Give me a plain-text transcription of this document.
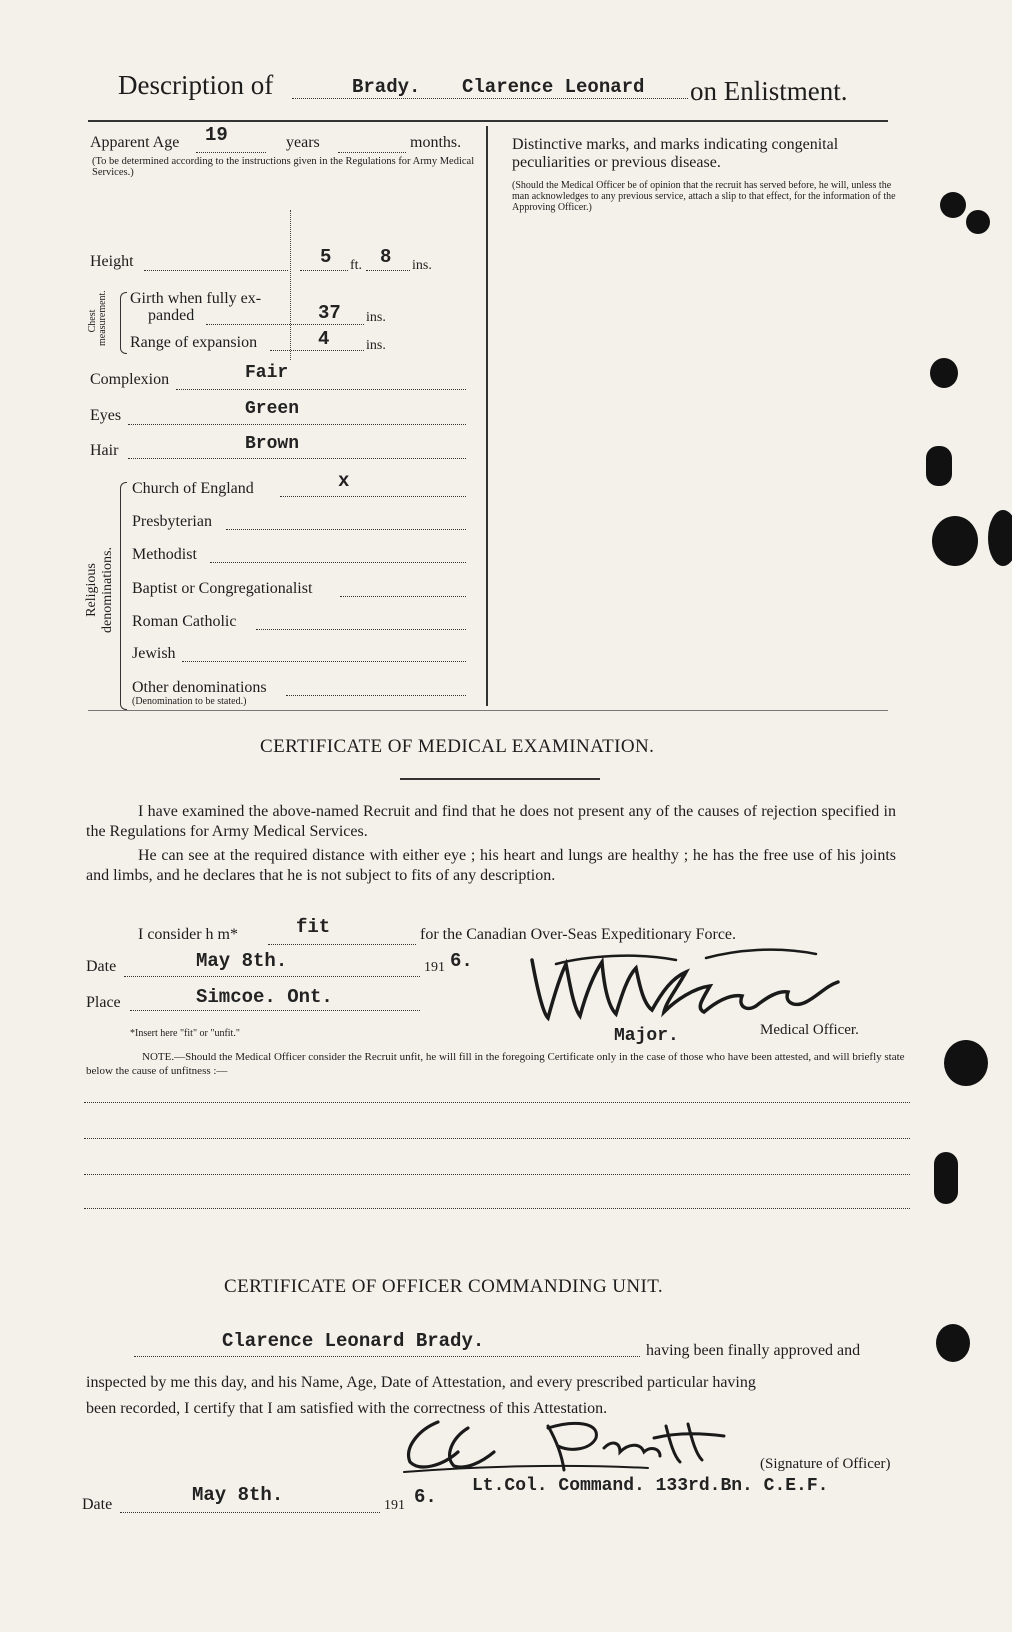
Description of	Brady. Clarence Leonard on Enlistment.
Apparent Age 19	years	months.
(To be determined according to the instructions given in the Regulations for Army Medical Services.)
Height	5 ft. 8 ins.
Chest measurement. Girth when fully ex-
panded	37 ins.
Range of expansion	4	ins.
Complexion	Fair
Eyes	Green
Hair	Brown
Religious denominations.
Church of England	x
Presbyterian
Methodist
Baptist or Congregationalist
Roman Catholic
Jewish
Other denominations
(Denomination to be stated.)
Distinctive marks, and marks indicating congenital peculiarities or previous disease.
(Should the Medical Officer be of opinion that the recruit has served before, he will, unless the man acknowledges to any previous service, attach a slip to that effect, for the information of the Approving Officer.)
CERTIFICATE OF MEDICAL EXAMINATION.
I have examined the above-named Recruit and find that he does not present any of the causes of rejection specified in the Regulations for Army Medical Services.
He can see at the required distance with either eye ; his heart and lungs are healthy ; he has the free use of his joints and limbs, and he declares that he is not subject to fits of any description.
I consider h m*	fit	for the Canadian Over-Seas Expeditionary Force.
Date	May 8th.	191 6.
Place	Simcoe. Ont.
*Insert here "fit" or "unfit."	Major.	Medical Officer.
NOTE.—Should the Medical Officer consider the Recruit unfit, he will fill in the foregoing Certificate only in the case of those who have been attested, and will briefly state below the cause of unfitness :—
CERTIFICATE OF OFFICER COMMANDING UNIT.
Clarence Leonard Brady.	having been finally approved and
inspected by me this day, and his Name, Age, Date of Attestation, and every prescribed particular having
been recorded, I certify that I am satisfied with the correctness of this Attestation.
(Signature of Officer)
Lt.Col. Command. 133rd.Bn. C.E.F.
Date	May 8th.	191 6.
